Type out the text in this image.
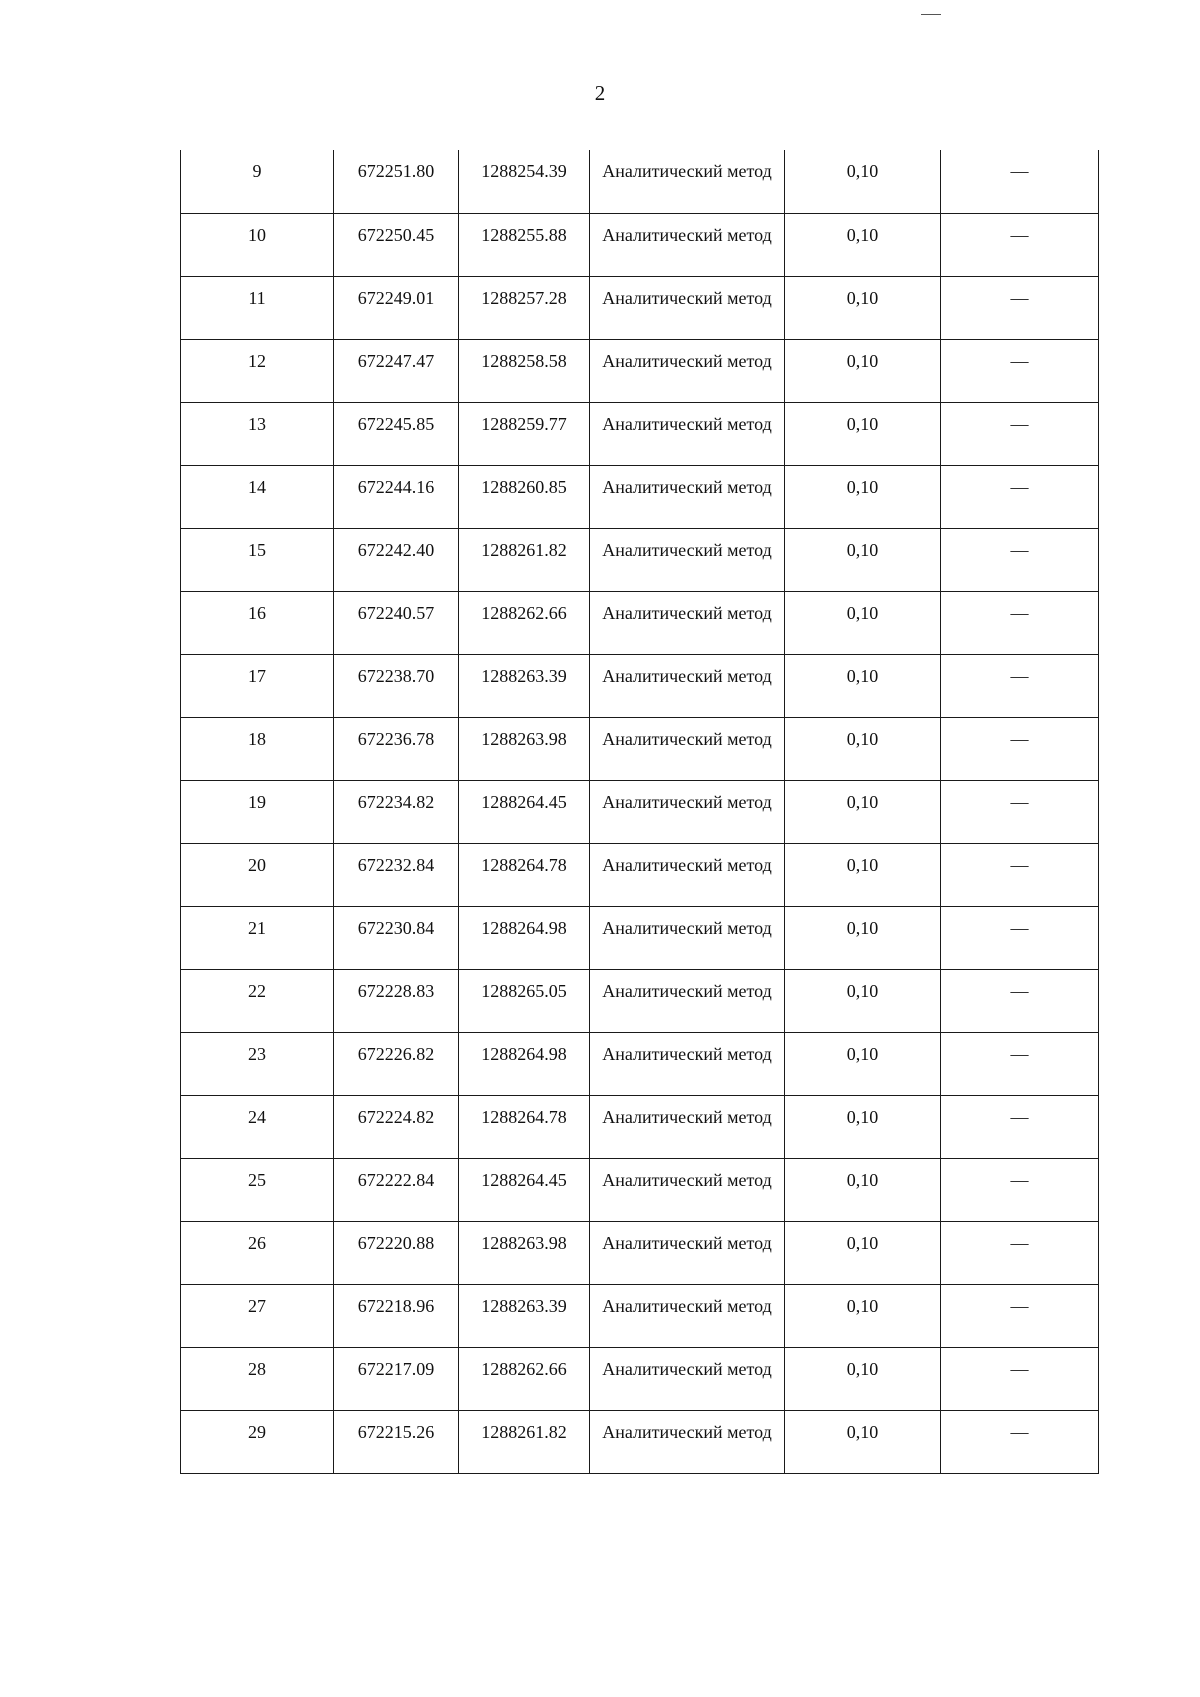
2
9	672251.80	1288254.39	Аналитический метод	0,10	—
10	672250.45	1288255.88	Аналитический метод	0,10	—
11	672249.01	1288257.28	Аналитический метод	0,10	—
12	672247.47	1288258.58	Аналитический метод	0,10	—
13	672245.85	1288259.77	Аналитический метод	0,10	—
14	672244.16	1288260.85	Аналитический метод	0,10	—
15	672242.40	1288261.82	Аналитический метод	0,10	—
16	672240.57	1288262.66	Аналитический метод	0,10	—
17	672238.70	1288263.39	Аналитический метод	0,10	—
18	672236.78	1288263.98	Аналитический метод	0,10	—
19	672234.82	1288264.45	Аналитический метод	0,10	—
20	672232.84	1288264.78	Аналитический метод	0,10	—
21	672230.84	1288264.98	Аналитический метод	0,10	—
22	672228.83	1288265.05	Аналитический метод	0,10	—
23	672226.82	1288264.98	Аналитический метод	0,10	—
24	672224.82	1288264.78	Аналитический метод	0,10	—
25	672222.84	1288264.45	Аналитический метод	0,10	—
26	672220.88	1288263.98	Аналитический метод	0,10	—
27	672218.96	1288263.39	Аналитический метод	0,10	—
28	672217.09	1288262.66	Аналитический метод	0,10	—
29	672215.26	1288261.82	Аналитический метод	0,10	—
